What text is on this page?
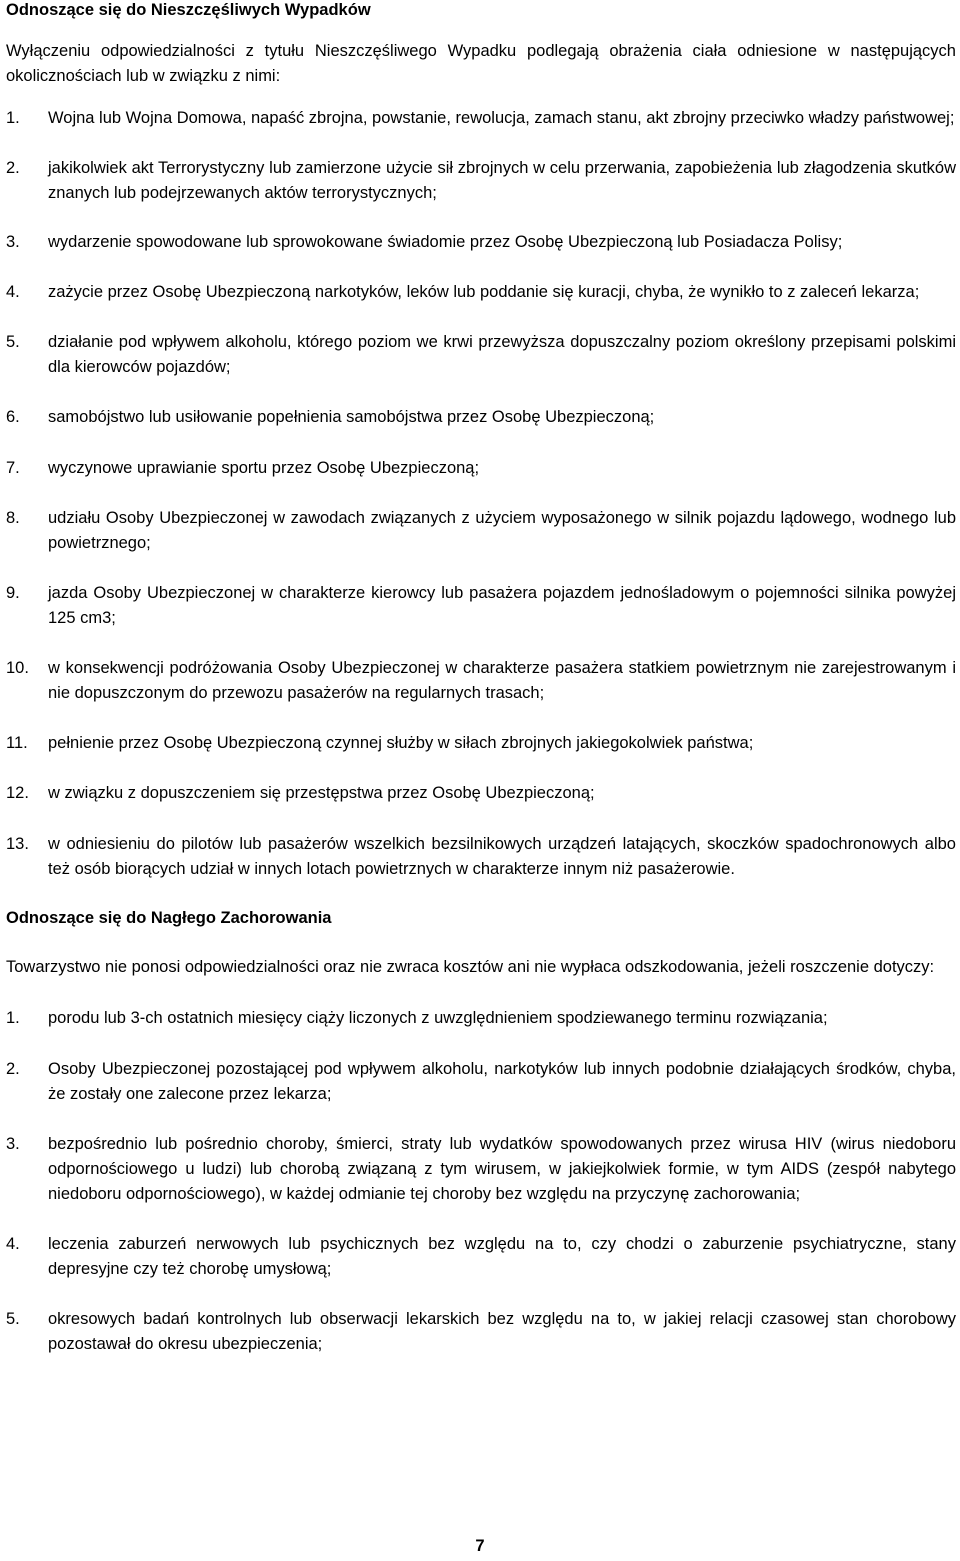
Odnoszące się do Nieszczęśliwych Wypadków

Wyłączeniu odpowiedzialności z tytułu Nieszczęśliwego Wypadku podlegają obrażenia ciała odniesione w następujących okolicznościach lub w związku z nimi:

1. Wojna lub Wojna Domowa, napaść zbrojna, powstanie, rewolucja, zamach stanu, akt zbrojny przeciwko władzy państwowej;
2. jakikolwiek akt Terrorystyczny lub zamierzone użycie sił zbrojnych w celu przerwania, zapobieżenia lub złagodzenia skutków znanych lub podejrzewanych aktów terrorystycznych;
3. wydarzenie spowodowane lub sprowokowane świadomie przez Osobę Ubezpieczoną lub Posiadacza Polisy;
4. zażycie przez Osobę Ubezpieczoną narkotyków, leków lub poddanie się kuracji, chyba, że wynikło to z zaleceń lekarza;
5. działanie pod wpływem alkoholu, którego poziom we krwi przewyższa dopuszczalny poziom określony przepisami polskimi dla kierowców pojazdów;
6. samobójstwo lub usiłowanie popełnienia samobójstwa przez Osobę Ubezpieczoną;
7. wyczynowe uprawianie sportu przez Osobę Ubezpieczoną;
8. udziału Osoby Ubezpieczonej w zawodach związanych z użyciem wyposażonego w silnik pojazdu lądowego, wodnego lub powietrznego;
9. jazda Osoby Ubezpieczonej w charakterze kierowcy lub pasażera pojazdem jednośladowym o pojemności silnika powyżej 125 cm3;
10. w konsekwencji podróżowania Osoby Ubezpieczonej w charakterze pasażera statkiem powietrznym nie zarejestrowanym i nie dopuszczonym do przewozu pasażerów na regularnych trasach;
11. pełnienie przez Osobę Ubezpieczoną czynnej służby w siłach zbrojnych jakiegokolwiek państwa;
12. w związku z dopuszczeniem się przestępstwa przez Osobę Ubezpieczoną;
13. w odniesieniu do pilotów lub pasażerów wszelkich bezsilnikowych urządzeń latających, skoczków spadochronowych albo też osób biorących udział w innych lotach powietrznych w charakterze innym niż pasażerowie.
Odnoszące się do Nagłego Zachorowania

Towarzystwo nie ponosi odpowiedzialności oraz nie zwraca kosztów ani nie wypłaca odszkodowania, jeżeli roszczenie dotyczy:

1. porodu lub 3-ch ostatnich miesięcy ciąży liczonych z uwzględnieniem spodziewanego terminu rozwiązania;
2. Osoby Ubezpieczonej pozostającej pod wpływem alkoholu, narkotyków lub innych podobnie działających środków, chyba, że zostały one zalecone przez lekarza;
3. bezpośrednio lub pośrednio choroby, śmierci, straty lub wydatków spowodowanych przez wirusa HIV (wirus niedoboru odpornościowego u ludzi) lub chorobą związaną z tym wirusem, w jakiejkolwiek formie, w tym AIDS (zespół nabytego niedoboru odpornościowego), w każdej odmianie tej choroby bez względu na przyczynę zachorowania;
4. leczenia zaburzeń nerwowych lub psychicznych bez względu na to, czy chodzi o zaburzenie psychiatryczne, stany depresyjne czy też chorobę umysłową;
5. okresowych badań kontrolnych lub obserwacji lekarskich bez względu na to, w jakiej relacji czasowej stan chorobowy pozostawał do okresu ubezpieczenia;
7
